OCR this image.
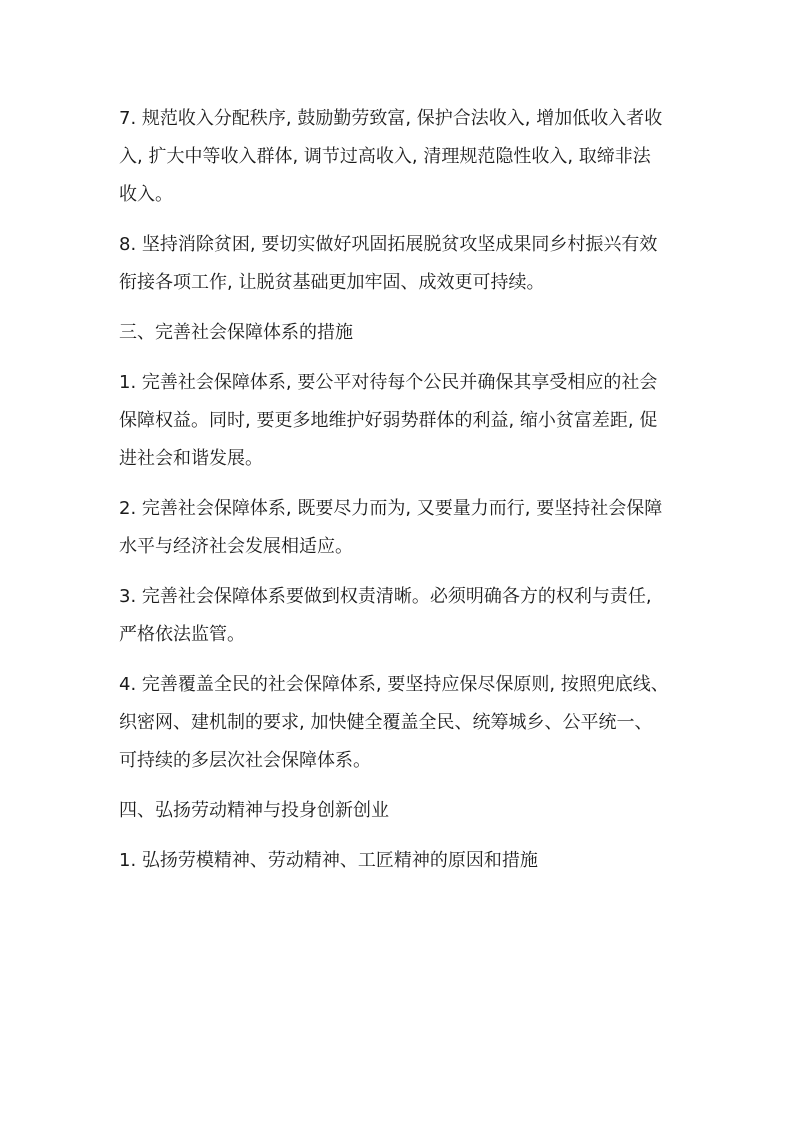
7. 规范收入分配秩序, 鼓励勤劳致富, 保护合法收入, 增加低收入者收
入, 扩大中等收入群体, 调节过高收入, 清理规范隐性收入, 取缔非法
收入。

8. 坚持消除贫困, 要切实做好巩固拓展脱贫攻坚成果同乡村振兴有效
衔接各项工作, 让脱贫基础更加牢固、成效更可持续。

三、完善社会保障体系的措施

1. 完善社会保障体系, 要公平对待每个公民并确保其享受相应的社会
保障权益。同时, 要更多地维护好弱势群体的利益, 缩小贫富差距, 促
进社会和谐发展。

2. 完善社会保障体系, 既要尽力而为, 又要量力而行, 要坚持社会保障
水平与经济社会发展相适应。

3. 完善社会保障体系要做到权责清晰。必须明确各方的权利与责任,
严格依法监管。

4. 完善覆盖全民的社会保障体系, 要坚持应保尽保原则, 按照兜底线、
织密网、建机制的要求, 加快健全覆盖全民、统筹城乡、公平统一、
可持续的多层次社会保障体系。

四、弘扬劳动精神与投身创新创业

1. 弘扬劳模精神、劳动精神、工匠精神的原因和措施
